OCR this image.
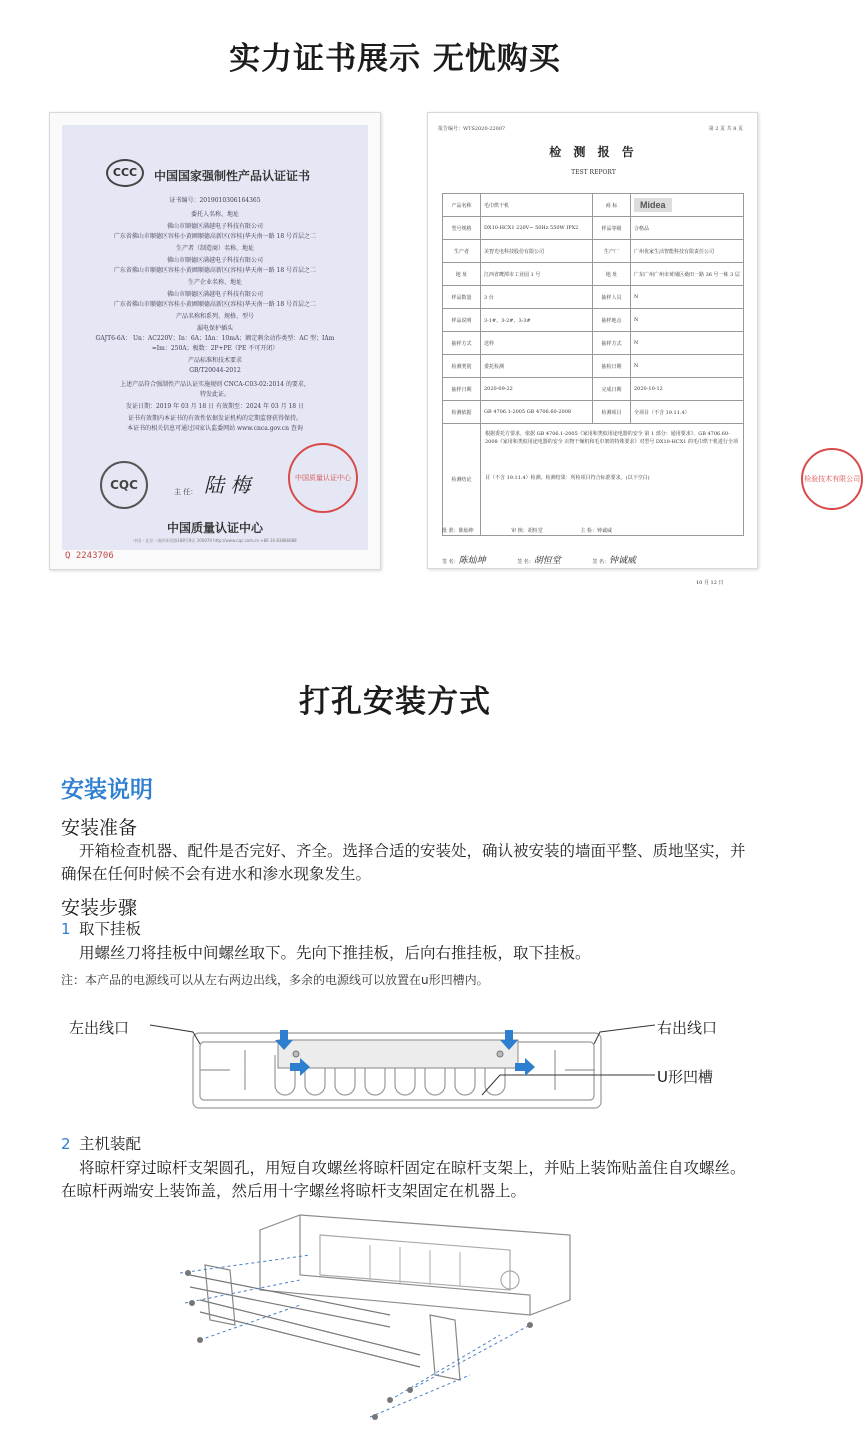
实力证书展示 无忧购买
CCC	中国国家强制性产品认证证书
证书编号：2019010306164365
委托人名称、地址
佛山市顺德区满越电子科技有限公司
广东省佛山市顺德区容桂小黄圃顺德高新区(容桂)华天南一路 18 号首层之二
生产者（制造商）名称、地址
佛山市顺德区满越电子科技有限公司
广东省佛山市顺德区容桂小黄圃顺德高新区(容桂)华天南一路 18 号首层之二
生产企业名称、地址
佛山市顺德区满越电子科技有限公司
广东省佛山市顺德区容桂小黄圃顺德高新区(容桂)华天南一路 18 号首层之二
产品名称和系列、规格、型号
漏电保护插头
GAJT6-6A： Un：AC220V；In：6A；IΔn：10mA；额定剩余动作类型：AC 型；IΔm
=Im：250A；极数：2P+PE（PE 不可开闭）
产品标准和技术要求
GB/T20044-2012
上述产品符合强制性产品认证实施规则 CNCA-C03-02:2014 的要求，
特发此证。
发证日期：2019 年 03 月 18 日 有效期至：2024 年 03 月 18 日
证书有效期内本证书的有效性依据发证机构的定期监督获得保持。
本证书的相关信息可通过国家认监委网站 www.cnca.gov.cn 查询
CQC	主 任： 陆 梅	中国质量认证中心
中国质量认证中心
中国・北京・南四环西路188号9区 100070 http://www.cqc.com.cn +86 10 83886688
Q 2243706
报告编号：WTS2020-22007	第 2 页 共 8 页
检 测 报 告
TEST REPORT
产品名称	毛巾烘干机	商 标	Midea
型号规格	DX10-HCX1 220V~ 50Hz 550W IPX2	样品等级	合格品
生产者	美智光电科技股份有限公司	生产厂	广州优家生活智能科技有限责任公司
地 址	江西省鹰潭市工业园 1 号	地 址	广东广州广州市黄埔区桑田一路 36 号一栋 3 层
样品数量	3 台	抽样人员	N
样品说明	3-1#、3-2#、3-3#	抽样地点	N
抽样方式	送样	抽样方式	N
检测类别	委托检测	抽检日期	N
抽样日期	2020-09-22	完成日期	2020-10-12
检测依据	GB 4706.1-2005 GB 4706.60-2008	检测项目	全项目（不含 19.11.4）
检测结论	根据委托方要求，依据 GB 4706.1-2005《家用和类似用途电器的安全 第 1 部分：通用要求》、GB 4706.60-2008《家用和类似用途电器的安全 衣物干燥机和毛巾架的特殊要求》对型号 DX10-HCX1 的毛巾烘干机进行全项目（不含 19.11.4）检测。检测结果：所检项目符合标准要求。(以下空白) 检验技术有限公司
10 月 12 日		
批 准：陈灿坤	审 核：胡恒堂	主 检：钟诚威
签 名：陈灿坤	签 名：胡恒堂	签 名：钟诚威
打孔安装方式
安装说明
安装准备
开箱检查机器、配件是否完好、齐全。选择合适的安装处，确认被安装的墙面平整、质地坚实，并确保在任何时候不会有进水和渗水现象发生。
安装步骤
1 取下挂板
用螺丝刀将挂板中间螺丝取下。先向下推挂板，后向右推挂板，取下挂板。
注：本产品的电源线可以从左右两边出线，多余的电源线可以放置在u形凹槽内。
左出线口	右出线口
U形凹槽
2 主机装配
将晾杆穿过晾杆支架圆孔，用短自攻螺丝将晾杆固定在晾杆支架上，并贴上装饰贴盖住自攻螺丝。在晾杆两端安上装饰盖，然后用十字螺丝将晾杆支架固定在机器上。
